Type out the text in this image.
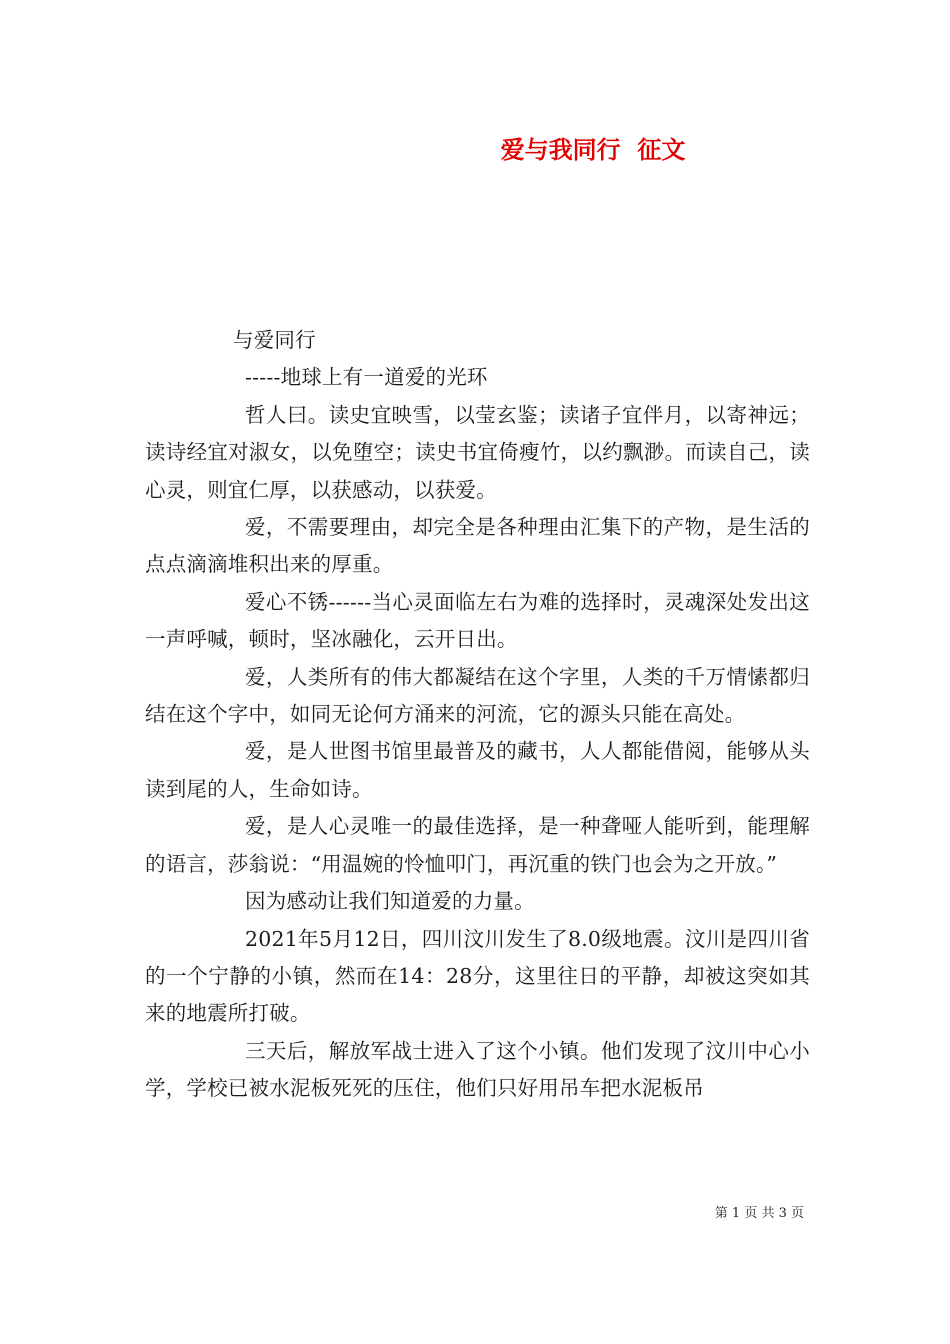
爱与我同行  征文

与爱同行

-----地球上有一道爱的光环

哲人曰。读史宜映雪，以莹玄鉴；读诸子宜伴月，以寄神远；读诗经宜对淑女，以免堕空；读史书宜倚瘦竹，以约飘渺。而读自己，读心灵，则宜仁厚，以获感动，以获爱。

爱，不需要理由，却完全是各种理由汇集下的产物，是生活的点点滴滴堆积出来的厚重。

爱心不锈------当心灵面临左右为难的选择时，灵魂深处发出这一声呼喊，顿时，坚冰融化，云开日出。

爱，人类所有的伟大都凝结在这个字里，人类的千万情愫都归结在这个字中，如同无论何方涌来的河流，它的源头只能在高处。

爱，是人世图书馆里最普及的藏书，人人都能借阅，能够从头读到尾的人，生命如诗。

爱，是人心灵唯一的最佳选择，是一种聋哑人能听到，能理解的语言，莎翁说：“用温婉的怜恤叩门，再沉重的铁门也会为之开放。”

因为感动让我们知道爱的力量。

2021年5月12日，四川汶川发生了8.0级地震。汶川是四川省的一个宁静的小镇，然而在14：28分，这里往日的平静，却被这突如其来的地震所打破。

三天后，解放军战士进入了这个小镇。他们发现了汶川中心小学，学校已被水泥板死死的压住，他们只好用吊车把水泥板吊

第 1 页 共 3 页
